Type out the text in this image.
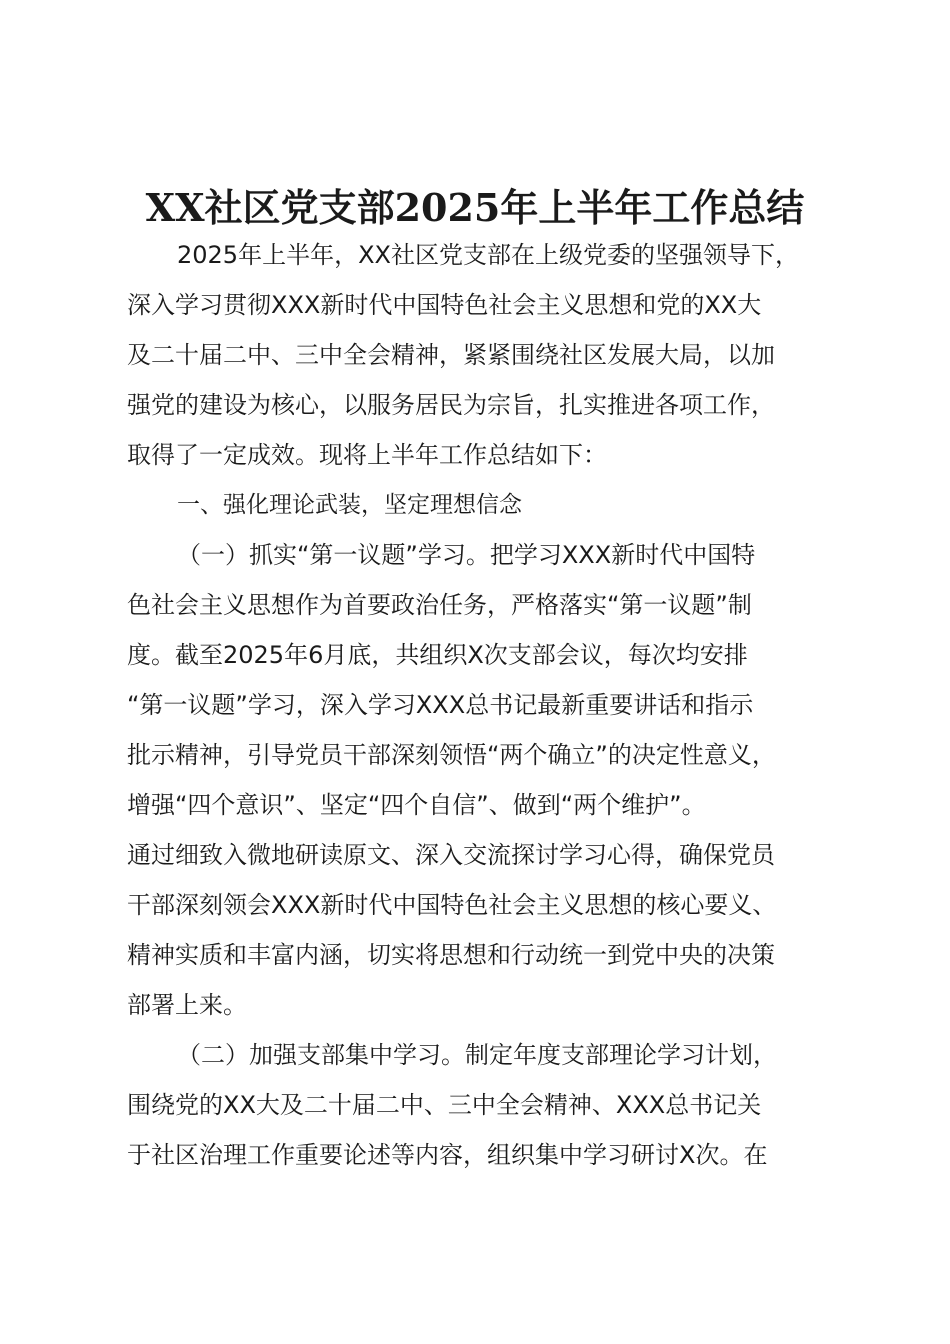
XX社区党支部2025年上半年工作总结
2025年上半年，XX社区党支部在上级党委的坚强领导下，
深入学习贯彻XXX新时代中国特色社会主义思想和党的XX大
及二十届二中、三中全会精神，紧紧围绕社区发展大局，以加
强党的建设为核心，以服务居民为宗旨，扎实推进各项工作，
取得了一定成效。现将上半年工作总结如下：
一、强化理论武装，坚定理想信念
（一）抓实“第一议题”学习。把学习XXX新时代中国特
色社会主义思想作为首要政治任务，严格落实“第一议题”制
度。截至2025年6月底，共组织X次支部会议，每次均安排
“第一议题”学习，深入学习XXX总书记最新重要讲话和指示
批示精神，引导党员干部深刻领悟“两个确立”的决定性意义，
增强“四个意识”、坚定“四个自信”、做到“两个维护”。
通过细致入微地研读原文、深入交流探讨学习心得，确保党员
干部深刻领会XXX新时代中国特色社会主义思想的核心要义、
精神实质和丰富内涵，切实将思想和行动统一到党中央的决策
部署上来。
（二）加强支部集中学习。制定年度支部理论学习计划，
围绕党的XX大及二十届二中、三中全会精神、XXX总书记关
于社区治理工作重要论述等内容，组织集中学习研讨X次。在
